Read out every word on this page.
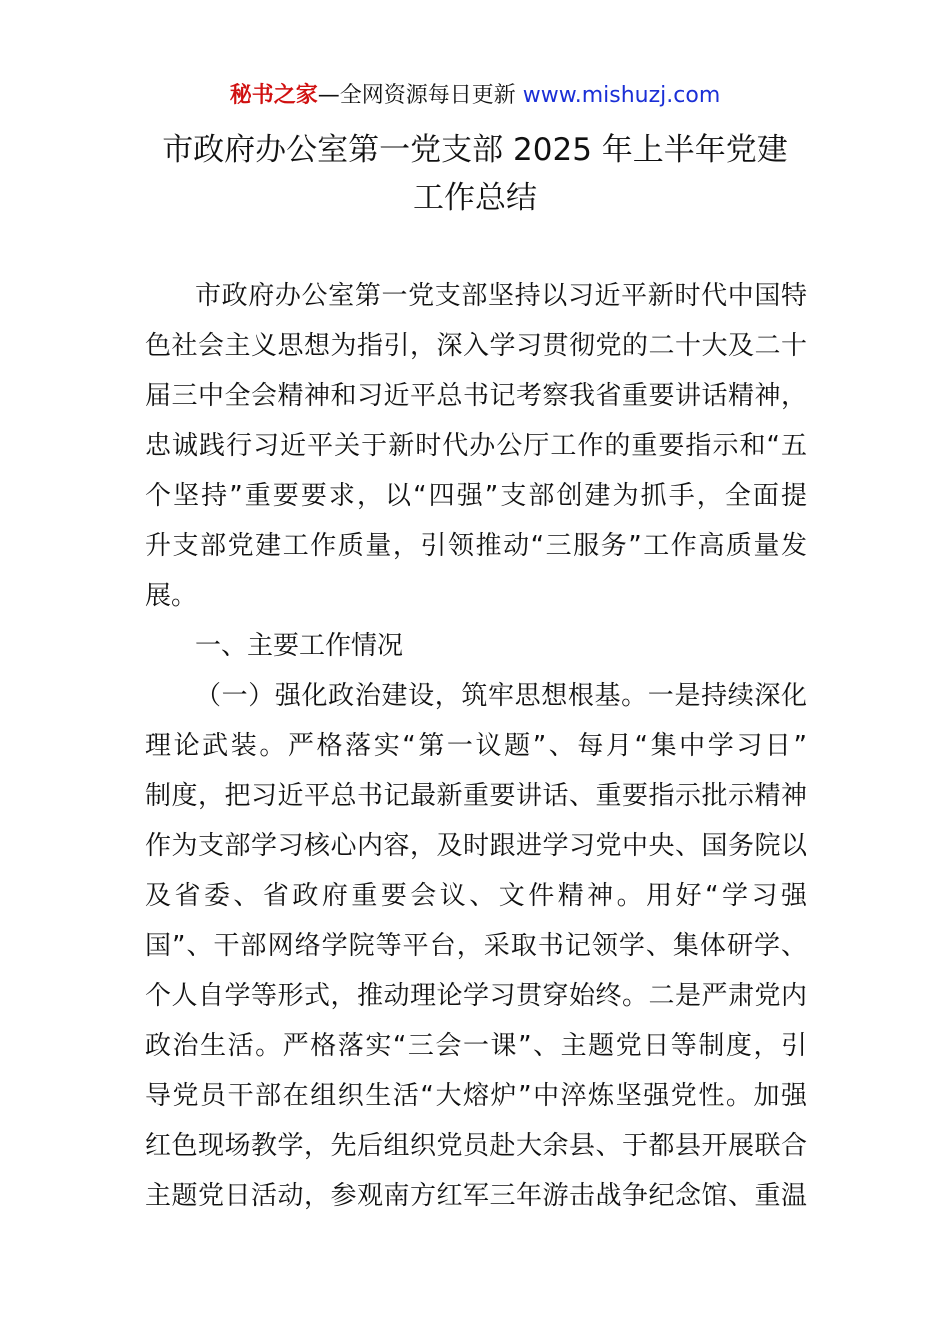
秘书之家—全网资源每日更新 www.mishuzj.com
市政府办公室第一党支部 2025 年上半年党建
工作总结
市政府办公室第一党支部坚持以习近平新时代中国特
色社会主义思想为指引，深入学习贯彻党的二十大及二十
届三中全会精神和习近平总书记考察我省重要讲话精神，
忠诚践行习近平关于新时代办公厅工作的重要指示和“五
个坚持”重要要求，以“四强”支部创建为抓手，全面提
升支部党建工作质量，引领推动“三服务”工作高质量发
展。
一、主要工作情况
（一）强化政治建设，筑牢思想根基。一是持续深化
理论武装。严格落实“第一议题”、每月“集中学习日”
制度，把习近平总书记最新重要讲话、重要指示批示精神
作为支部学习核心内容，及时跟进学习党中央、国务院以
及省委、省政府重要会议、文件精神。用好“学习强
国”、干部网络学院等平台，采取书记领学、集体研学、
个人自学等形式，推动理论学习贯穿始终。二是严肃党内
政治生活。严格落实“三会一课”、主题党日等制度，引
导党员干部在组织生活“大熔炉”中淬炼坚强党性。加强
红色现场教学，先后组织党员赴大余县、于都县开展联合
主题党日活动，参观南方红军三年游击战争纪念馆、重温
